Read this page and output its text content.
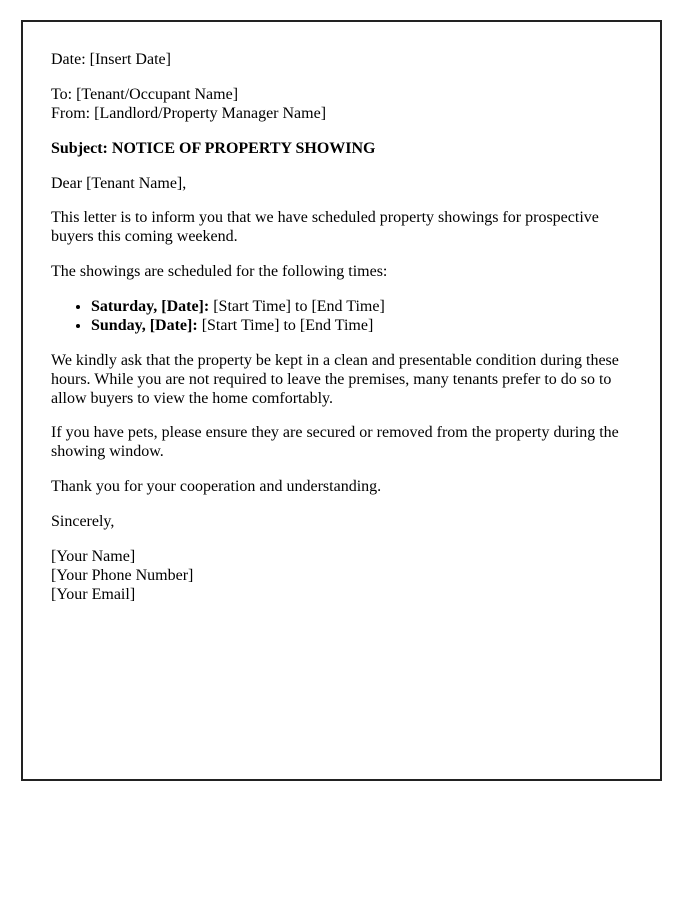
Date: [Insert Date]

To: [Tenant/Occupant Name]
From: [Landlord/Property Manager Name]

Subject: NOTICE OF PROPERTY SHOWING

Dear [Tenant Name],

This letter is to inform you that we have scheduled property showings for prospective buyers this coming weekend.

The showings are scheduled for the following times:

• Saturday, [Date]: [Start Time] to [End Time]
• Sunday, [Date]: [Start Time] to [End Time]

We kindly ask that the property be kept in a clean and presentable condition during these hours. While you are not required to leave the premises, many tenants prefer to do so to allow buyers to view the home comfortably.

If you have pets, please ensure they are secured or removed from the property during the showing window.

Thank you for your cooperation and understanding.

Sincerely,

[Your Name]
[Your Phone Number]
[Your Email]
